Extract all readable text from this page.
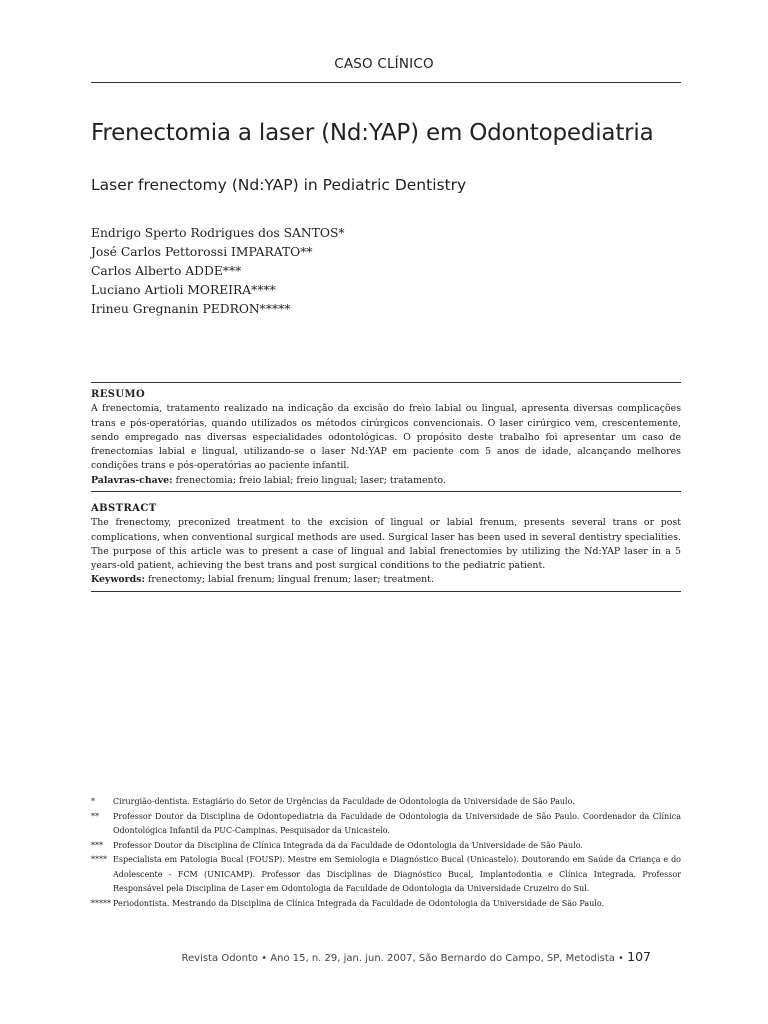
CASO CLÍNICO
Frenectomia a laser (Nd:YAP) em Odontopediatria
Laser frenectomy (Nd:YAP) in Pediatric Dentistry
Endrigo Sperto Rodrigues dos SANTOS*
José Carlos Pettorossi IMPARATO**
Carlos Alberto ADDE***
Luciano Artioli MOREIRA****
Irineu Gregnanin PEDRON*****
RESUMO

A frenectomia, tratamento realizado na indicação da excisão do freio labial ou lingual, apresenta diversas complicações trans e pós-operatórias, quando utilizados os métodos cirúrgicos convencionais. O laser cirúrgico vem, crescentemente, sendo empregado nas diversas especialidades odontológicas. O propósito deste trabalho foi apresentar um caso de frenectomias labial e lingual, utilizando-se o laser Nd:YAP em paciente com 5 anos de idade, alcançando melhores condições trans e pós-operatórias ao paciente infantil.

Palavras-chave: frenectomia; freio labial; freio lingual; laser; tratamento.

ABSTRACT

The frenectomy, preconized treatment to the excision of lingual or labial frenum, presents several trans or post complications, when conventional surgical methods are used. Surgical laser has been used in several dentistry specialities. The purpose of this article was to present a case of lingual and labial frenectomies by utilizing the Nd:YAP laser in a 5 years-old patient, achieving the best trans and post surgical conditions to the pediatric patient.

Keywords: frenectomy; labial frenum; lingual frenum; laser; treatment.

* Cirurgião-dentista. Estagiário do Setor de Urgências da Faculdade de Odontologia da Universidade de São Paulo.
** Professor Doutor da Disciplina de Odontopediatria da Faculdade de Odontologia da Universidade de São Paulo. Coordenador da Clínica Odontológica Infantil da PUC-Campinas. Pesquisador da Unicastelo.
*** Professor Doutor da Disciplina de Clínica Integrada da da Faculdade de Odontologia da Universidade de São Paulo.
**** Especialista em Patologia Bucal (FOUSP). Mestre em Semiologia e Diagnóstico Bucal (Unicastelo). Doutorando em Saúde da Criança e do Adolescente - FCM (UNICAMP). Professor das Disciplinas de Diagnóstico Bucal, Implantodontia e Clínica Integrada. Professor Responsável pela Disciplina de Laser em Odontologia da Faculdade de Odontologia da Universidade Cruzeiro do Sul.
***** Periodontista. Mestrando da Disciplina de Clínica Integrada da Faculdade de Odontologia da Universidade de São Paulo.
Revista Odonto • Ano 15, n. 29, jan. jun. 2007, São Bernardo do Campo, SP, Metodista • 107
